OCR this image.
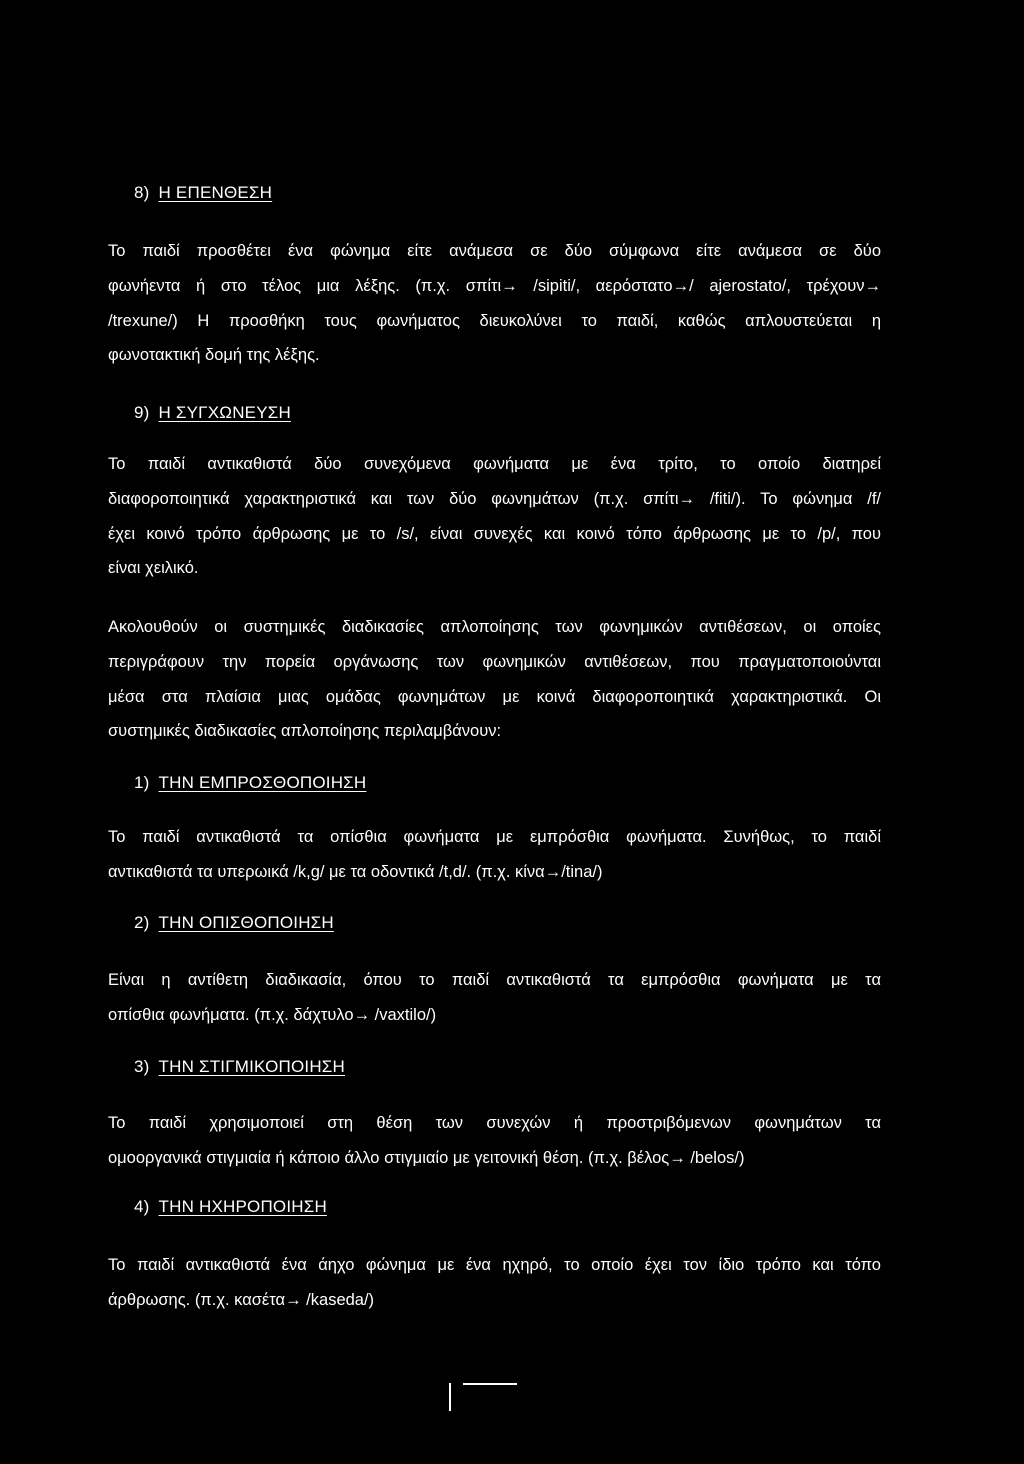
8) Η ΕΠΕΝΘΕΣΗ
Το παιδί προσθέτει ένα φώνημα είτε ανάμεσα σε δύο σύμφωνα είτε ανάμεσα σε δύο
φωνήεντα ή στο τέλος μια λέξης. (π.χ. σπίτι→ /sipiti/, αερόστατο→/ ajerostato/, τρέχουν→
/trexune/) Η προσθήκη τους φωνήματος διευκολύνει το παιδί, καθώς απλουστεύεται η
φωνοτακτική δομή της λέξης.
9) Η ΣΥΓΧΩΝΕΥΣΗ
Το παιδί αντικαθιστά δύο συνεχόμενα φωνήματα με ένα τρίτο, το οποίο διατηρεί
διαφοροποιητικά χαρακτηριστικά και των δύο φωνημάτων (π.χ. σπίτι→ /fiti/). Το φώνημα /f/
έχει κοινό τρόπο άρθρωσης με το /s/, είναι συνεχές και κοινό τόπο άρθρωσης με το /p/, που
είναι χειλικό.
Ακολουθούν οι συστημικές διαδικασίες απλοποίησης των φωνημικών αντιθέσεων, οι οποίες
περιγράφουν την πορεία οργάνωσης των φωνημικών αντιθέσεων, που πραγματοποιούνται
μέσα στα πλαίσια μιας ομάδας φωνημάτων με κοινά διαφοροποιητικά χαρακτηριστικά. Οι
συστημικές διαδικασίες απλοποίησης περιλαμβάνουν:
1) ΤΗΝ ΕΜΠΡΟΣΘΟΠΟΙΗΣΗ
Το παιδί αντικαθιστά τα οπίσθια φωνήματα με εμπρόσθια φωνήματα. Συνήθως, το παιδί
αντικαθιστά τα υπερωικά /k,g/ με τα οδοντικά /t,d/. (π.χ. κίνα→/tina/)
2) ΤΗΝ ΟΠΙΣΘΟΠΟΙΗΣΗ
Είναι η αντίθετη διαδικασία, όπου το παιδί αντικαθιστά τα εμπρόσθια φωνήματα με τα
οπίσθια φωνήματα. (π.χ. δάχτυλο→ /vaxtilo/)
3) ΤΗΝ ΣΤΙΓΜΙΚΟΠΟΙΗΣΗ
Το παιδί χρησιμοποιεί στη θέση των συνεχών ή προστριβόμενων φωνημάτων τα
ομοοργανικά στιγμιαία ή κάποιο άλλο στιγμιαίο με γειτονική θέση. (π.χ. βέλος→ /belos/)
4) ΤΗΝ ΗΧΗΡΟΠΟΙΗΣΗ
Το παιδί αντικαθιστά ένα άηχο φώνημα με ένα ηχηρό, το οποίο έχει τον ίδιο τρόπο και τόπο
άρθρωσης. (π.χ. κασέτα→ /kaseda/)
